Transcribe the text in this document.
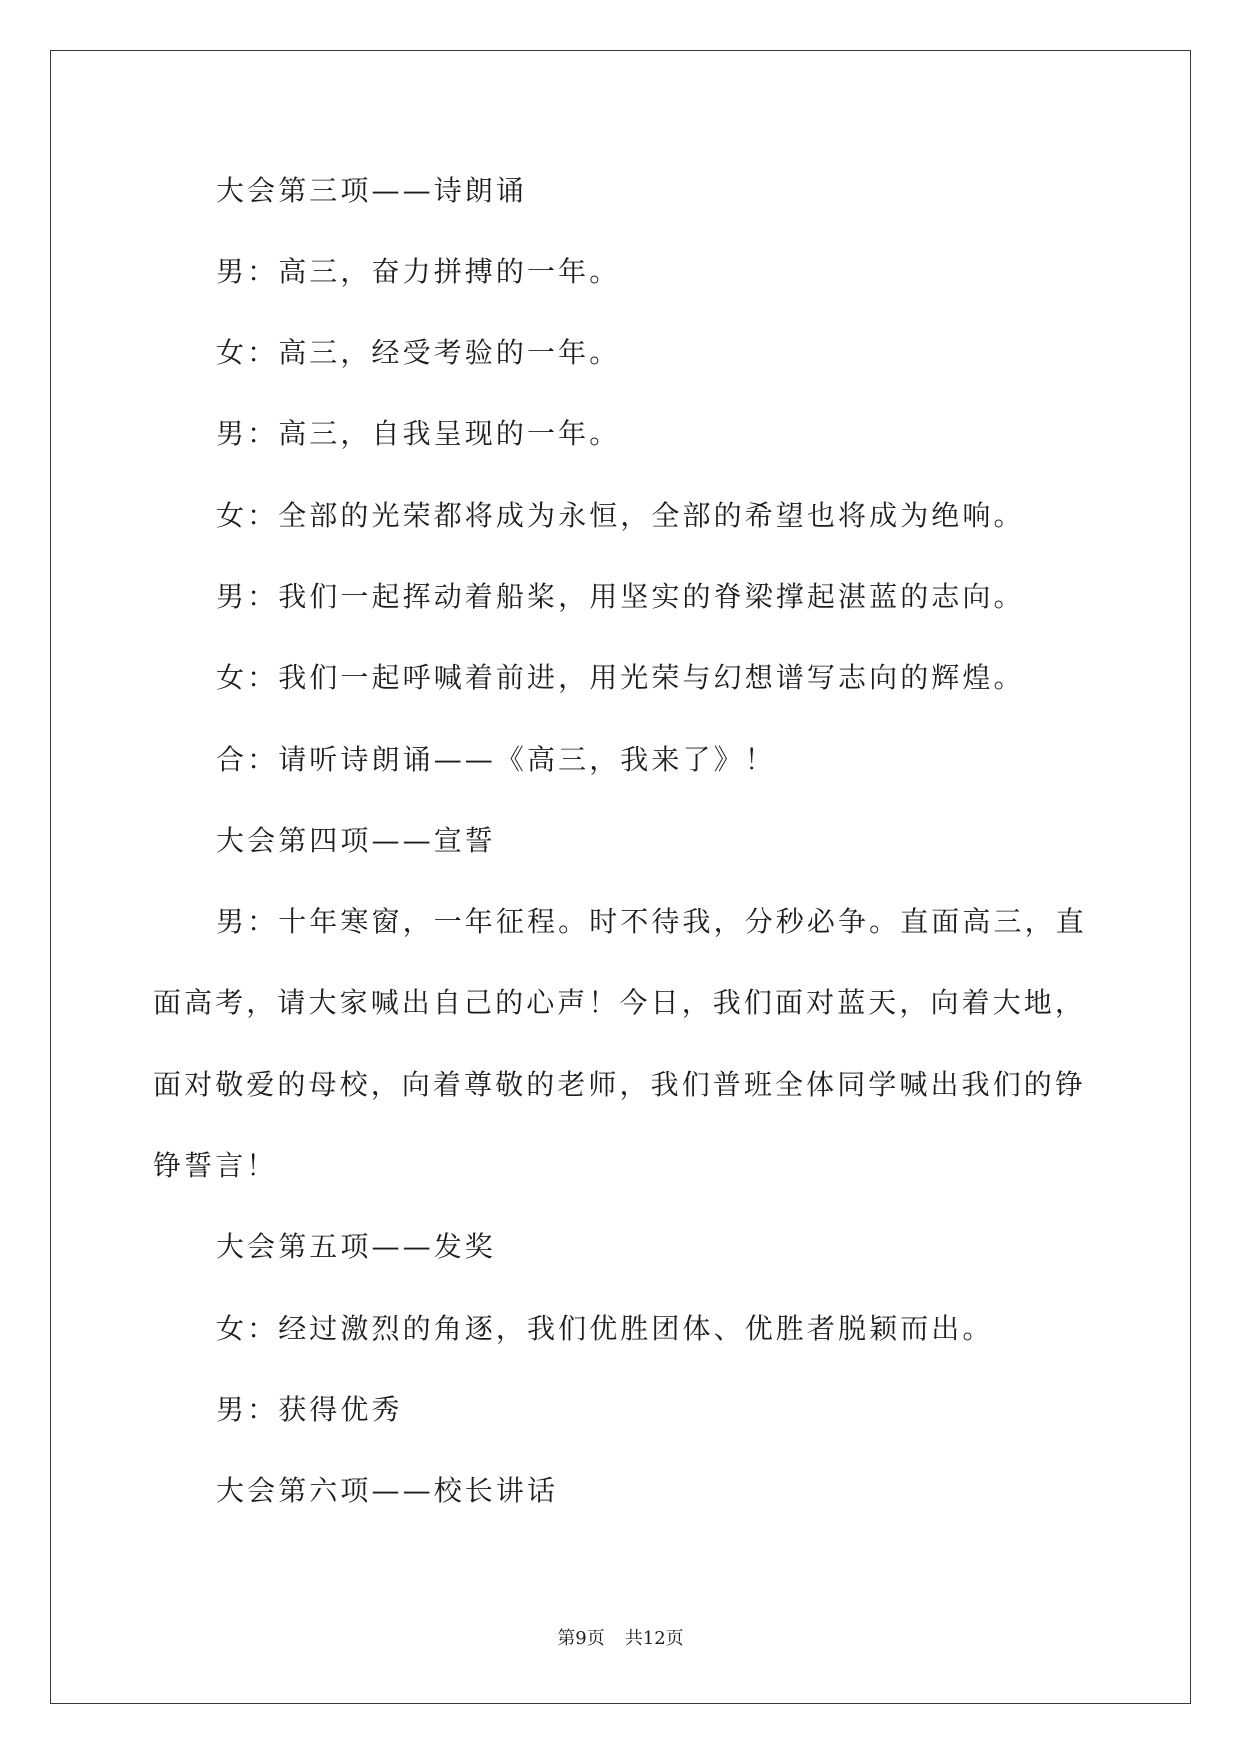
大会第三项——诗朗诵
男：高三，奋力拼搏的一年。
女：高三，经受考验的一年。
男：高三，自我呈现的一年。
女：全部的光荣都将成为永恒，全部的希望也将成为绝响。
男：我们一起挥动着船桨，用坚实的脊梁撑起湛蓝的志向。
女：我们一起呼喊着前进，用光荣与幻想谱写志向的辉煌。
合：请听诗朗诵——《高三，我来了》！
大会第四项——宣誓
男：十年寒窗，一年征程。时不待我，分秒必争。直面高三，直
面高考，请大家喊出自己的心声！今日，我们面对蓝天，向着大地，
面对敬爱的母校，向着尊敬的老师，我们普班全体同学喊出我们的铮
铮誓言！
大会第五项——发奖
女：经过激烈的角逐，我们优胜团体、优胜者脱颖而出。
男：获得优秀
大会第六项——校长讲话
第9页 共12页
